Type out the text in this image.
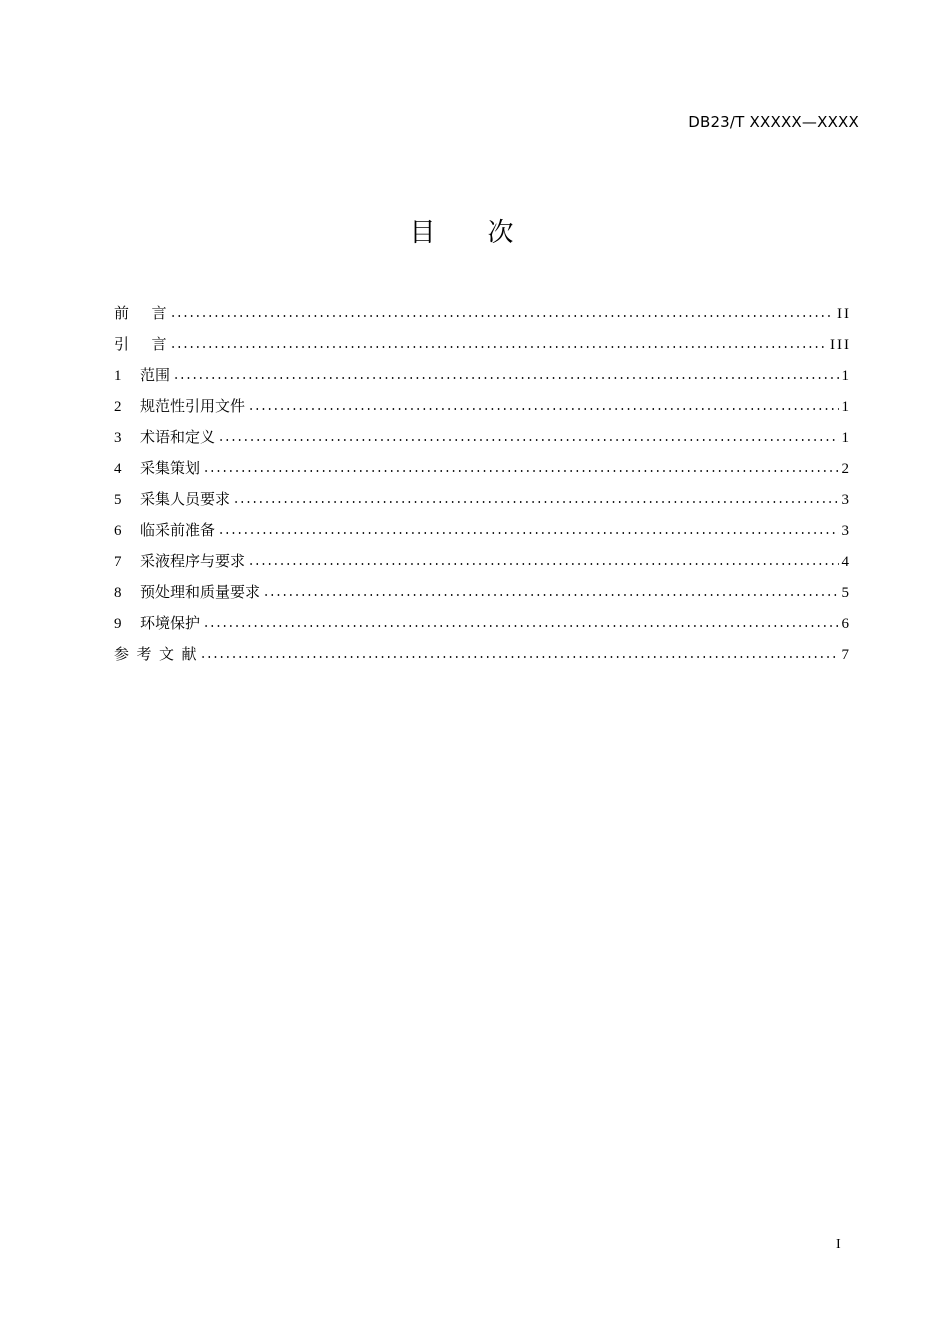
DB23/T XXXXX—XXXX
目次
前      言	II
引      言	III
1	范围	1
2	规范性引用文件	1
3	术语和定义	1
4	采集策划	2
5	采集人员要求	3
6	临采前准备	3
7	采液程序与要求	4
8	预处理和质量要求	5
9	环境保护	6
参  考  文  献	7
I
